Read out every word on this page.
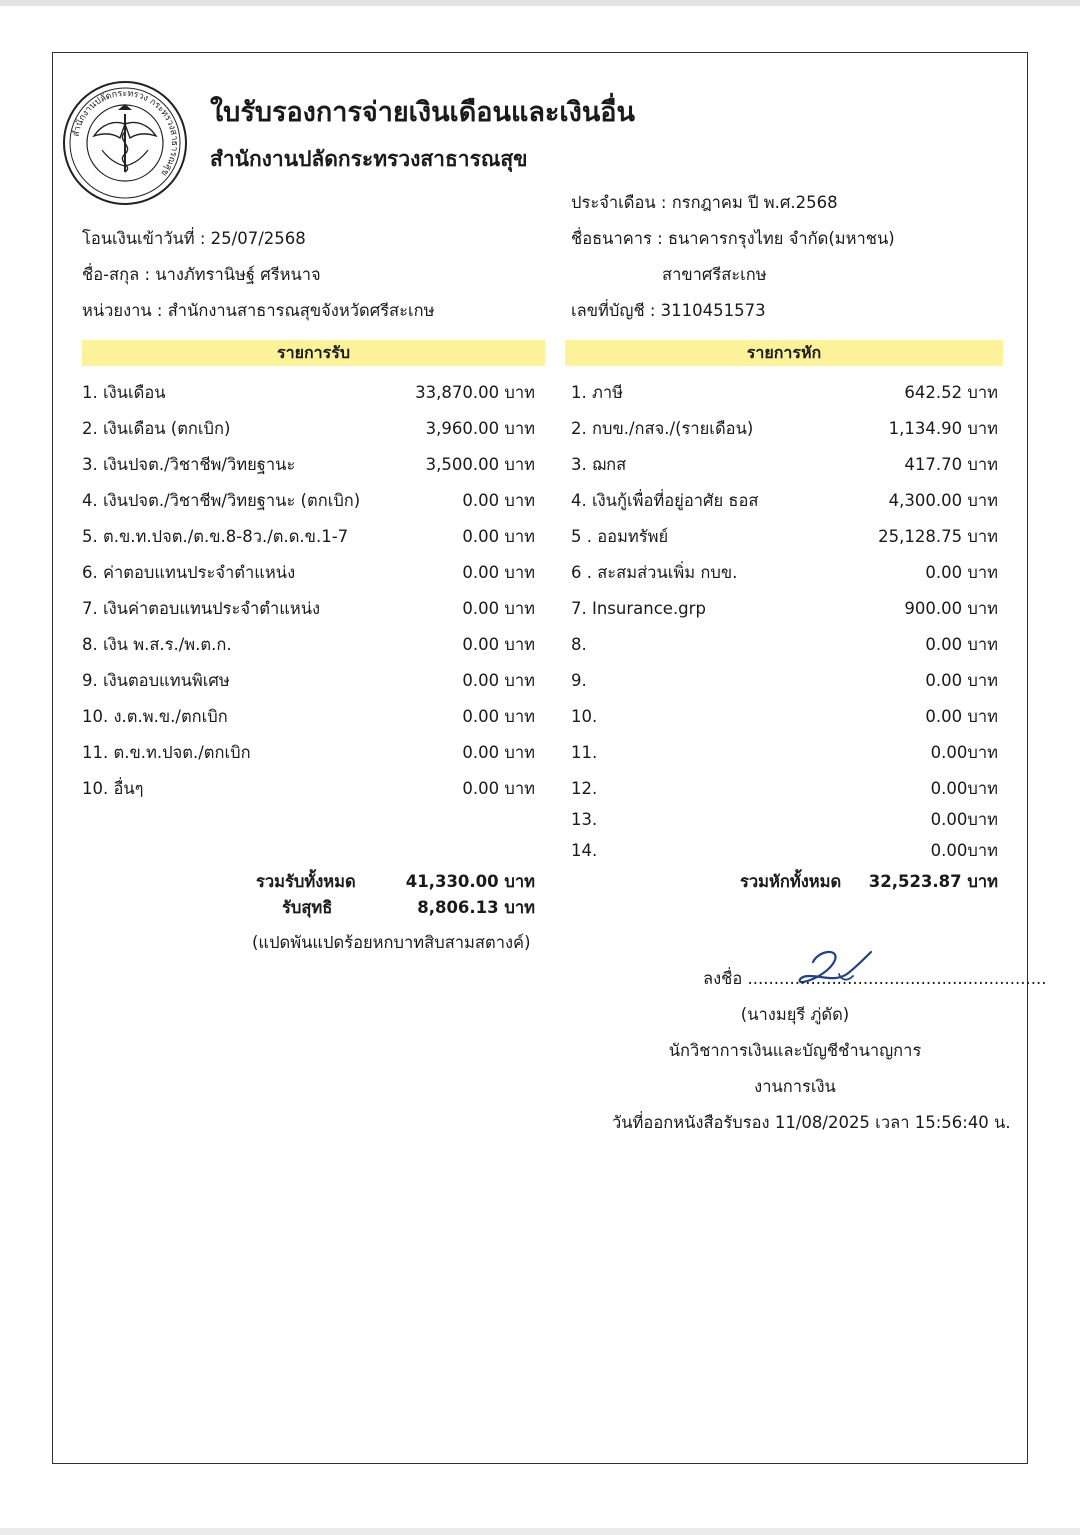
สำนักงานปลัดกระทรวง กระทรวงสาธารณสุข
ใบรับรองการจ่ายเงินเดือนและเงินอื่น
สำนักงานปลัดกระทรวงสาธารณสุข
ประจำเดือน : กรกฎาคม ปี พ.ศ.2568
โอนเงินเข้าวันที่ : 25/07/2568	ชื่อธนาคาร : ธนาคารกรุงไทย จำกัด(มหาชน)
ชื่อ-สกุล : นางภัทรานิษฐ์ ศรีหนาจ	สาขาศรีสะเกษ
หน่วยงาน : สำนักงานสาธารณสุขจังหวัดศรีสะเกษ	เลขที่บัญชี : 3110451573
รายการรับ	รายการหัก
1. เงินเดือน	33,870.00 บาท
2. เงินเดือน (ตกเบิก)	3,960.00 บาท
3. เงินปจต./วิชาชีพ/วิทยฐานะ	3,500.00 บาท
4. เงินปจต./วิชาชีพ/วิทยฐานะ (ตกเบิก)	0.00 บาท
5. ต.ข.ท.ปจต./ต.ข.8-8ว./ต.ด.ข.1-7	0.00 บาท
6. ค่าตอบแทนประจำตำแหน่ง	0.00 บาท
7. เงินค่าตอบแทนประจำตำแหน่ง	0.00 บาท
8. เงิน พ.ส.ร./พ.ต.ก.	0.00 บาท
9. เงินตอบแทนพิเศษ	0.00 บาท
10. ง.ต.พ.ข./ตกเบิก	0.00 บาท
11. ต.ข.ท.ปจต./ตกเบิก	0.00 บาท
10. อื่นๆ	0.00 บาท
1. ภาษี	642.52 บาท
2. กบข./กสจ./(รายเดือน)	1,134.90 บาท
3. ฌกส	417.70 บาท
4. เงินกู้เพื่อที่อยู่อาศัย ธอส	4,300.00 บาท
5 . ออมทรัพย์	25,128.75 บาท
6 . สะสมส่วนเพิ่ม กบข.	0.00 บาท
7. Insurance.grp	900.00 บาท
8.	0.00 บาท
9.	0.00 บาท
10.	0.00 บาท
11.	0.00บาท
12.	0.00บาท
13.	0.00บาท
14.	0.00บาท
รวมรับทั้งหมด	41,330.00 บาท
รับสุทธิ	8,806.13 บาท
(แปดพันแปดร้อยหกบาทสิบสามสตางค์)
รวมหักทั้งหมด 32,523.87 บาท
ลงชื่อ .........................................................
(นางมยุรี ภู่ดัด)
นักวิชาการเงินและบัญชีชำนาญการ
งานการเงิน
วันที่ออกหนังสือรับรอง 11/08/2025 เวลา 15:56:40 น.
